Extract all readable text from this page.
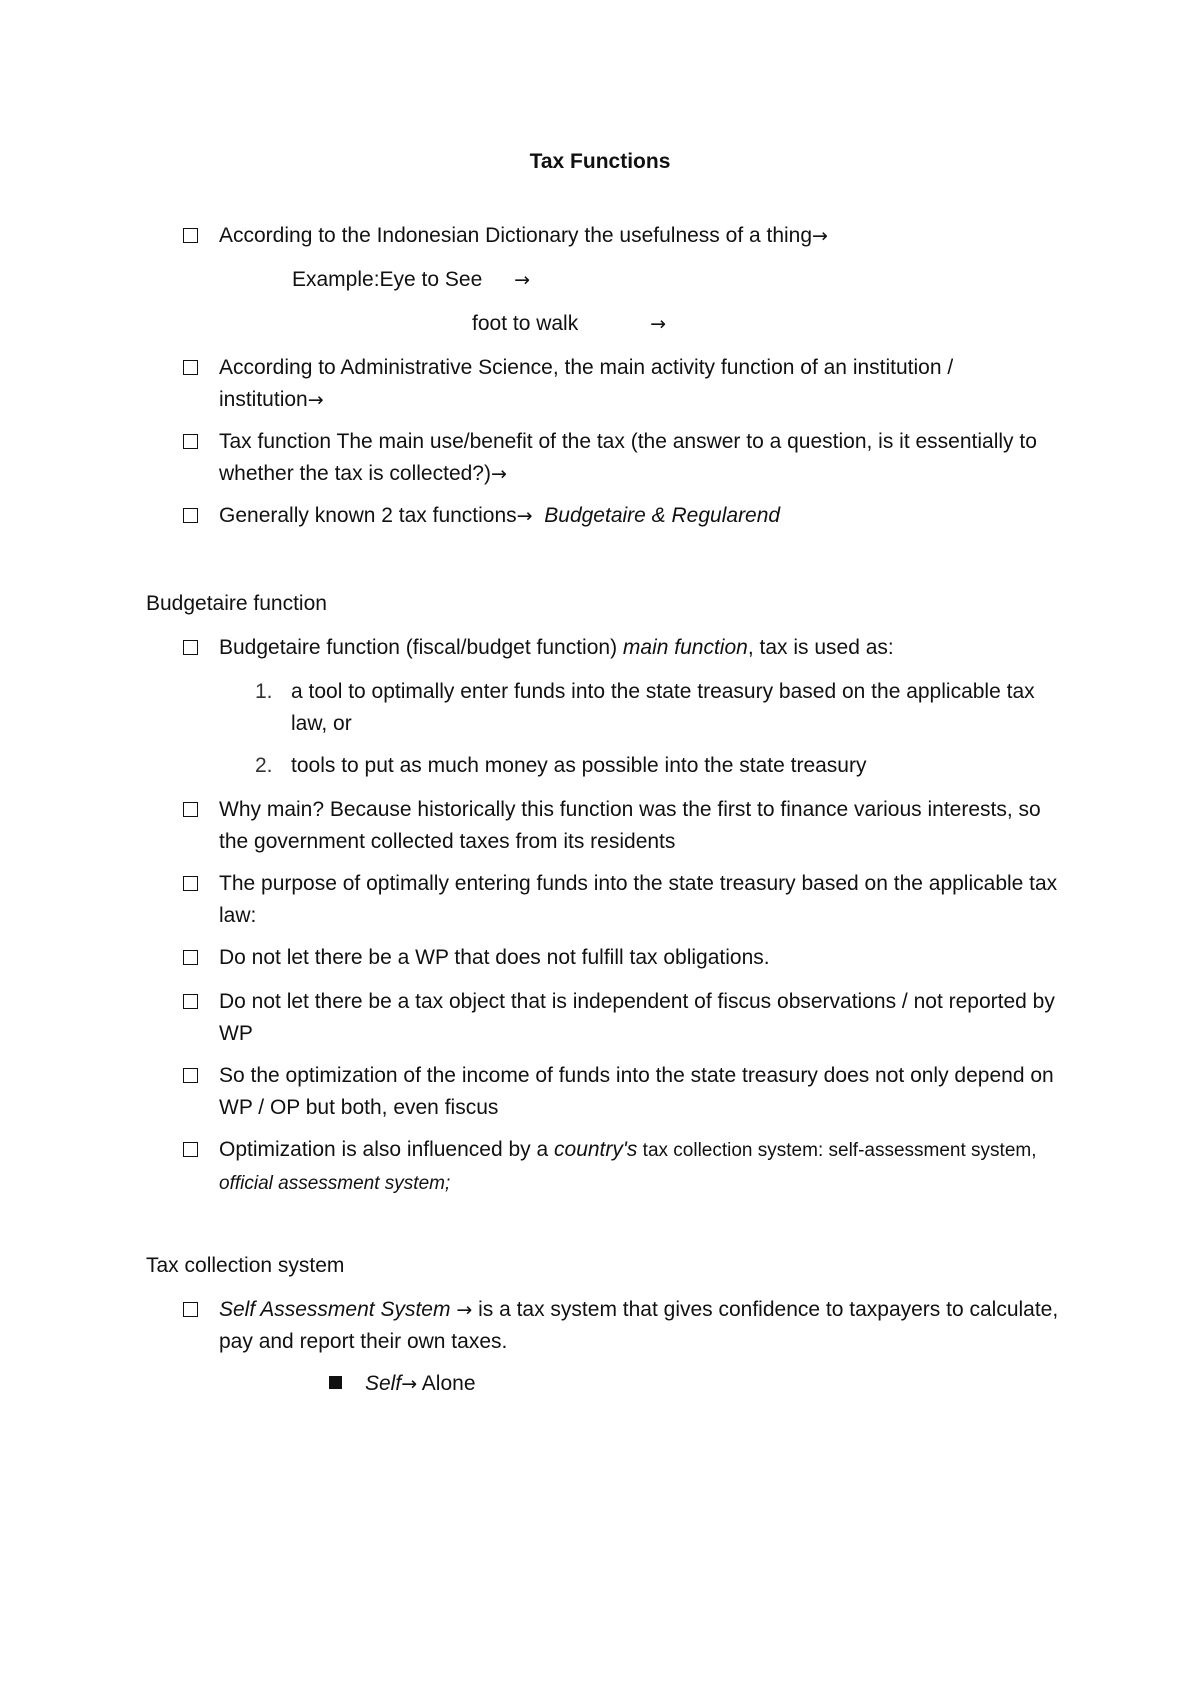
Tax Functions
According to the Indonesian Dictionary the usefulness of a thing→
Example:Eye to See →
foot to walk	→
According to Administrative Science, the main activity function of an institution / institution→
Tax function The main use/benefit of the tax (the answer to a question, is it essentially to whether the tax is collected?)→
Generally known 2 tax functions→ Budgetaire & Regularend
Budgetaire function
Budgetaire function (fiscal/budget function) main function, tax is used as:
1. a tool to optimally enter funds into the state treasury based on the applicable tax law, or
2. tools to put as much money as possible into the state treasury
Why main? Because historically this function was the first to finance various interests, so the government collected taxes from its residents
The purpose of optimally entering funds into the state treasury based on the applicable tax law:
Do not let there be a WP that does not fulfill tax obligations.
Do not let there be a tax object that is independent of fiscus observations / not reported by WP
So the optimization of the income of funds into the state treasury does not only depend on WP / OP but both, even fiscus
Optimization is also influenced by a country's tax collection system: self-assessment system, official assessment system;
Tax collection system
Self Assessment System → is a tax system that gives confidence to taxpayers to calculate, pay and report their own taxes.
Self→ Alone
